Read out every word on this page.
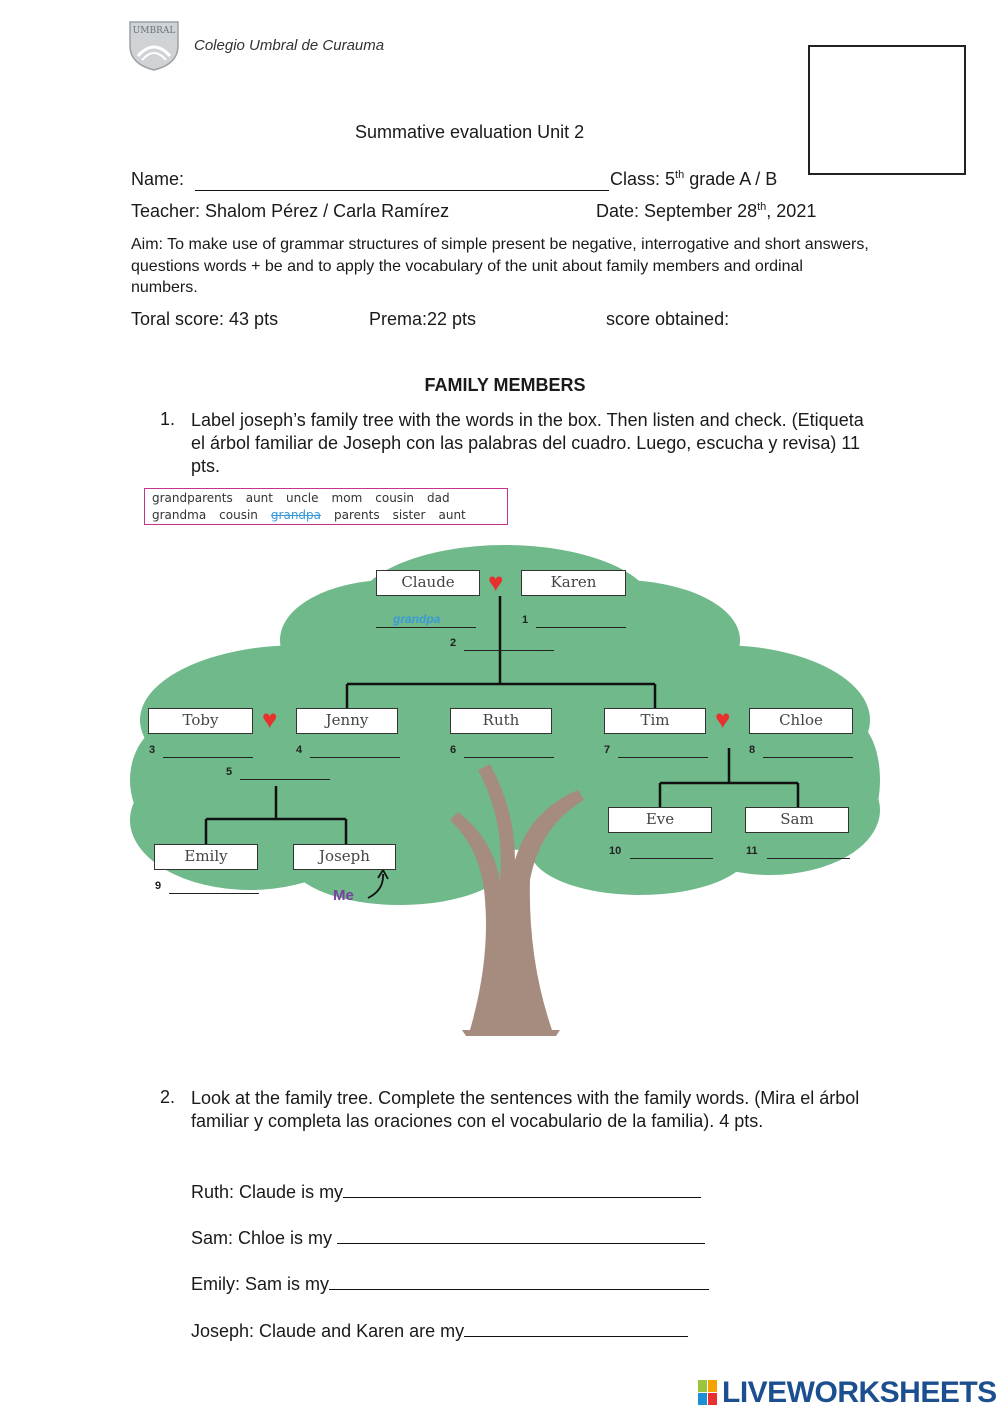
UMBRAL
Colegio Umbral de Curauma
Summative evaluation Unit 2
Name:	Class: 5th grade A / B
Teacher: Shalom Pérez / Carla Ramírez	Date: September 28th, 2021
Aim: To make use of grammar structures of simple present be negative, interrogative and short answers, questions words + be and to apply the vocabulary of the unit about family members and ordinal numbers.
Toral score: 43 pts	Prema:22 pts	score obtained:
FAMILY MEMBERS
1. Label joseph’s family tree with the words in the box. Then listen and check. (Etiqueta el árbol familiar de Joseph con las palabras del cuadro. Luego, escucha y revisa) 11 pts.
grandparents aunt uncle mom cousin dad
grandma cousin grandpa parents sister aunt
Claude	♥	Karen
Toby	♥	Jenny	Ruth	Tim	♥	Chloe
Emily	Joseph
Eve	Sam
grandpa	1
2
3	4
5
6	7	8
9
10	11
Me
2. Look at the family tree. Complete the sentences with the family words. (Mira el árbol familiar y completa las oraciones con el vocabulario de la familia). 4 pts.
Ruth: Claude is my
Sam: Chloe is my
Emily: Sam is my
Joseph: Claude and Karen are my
LIVEWORKSHEETS
